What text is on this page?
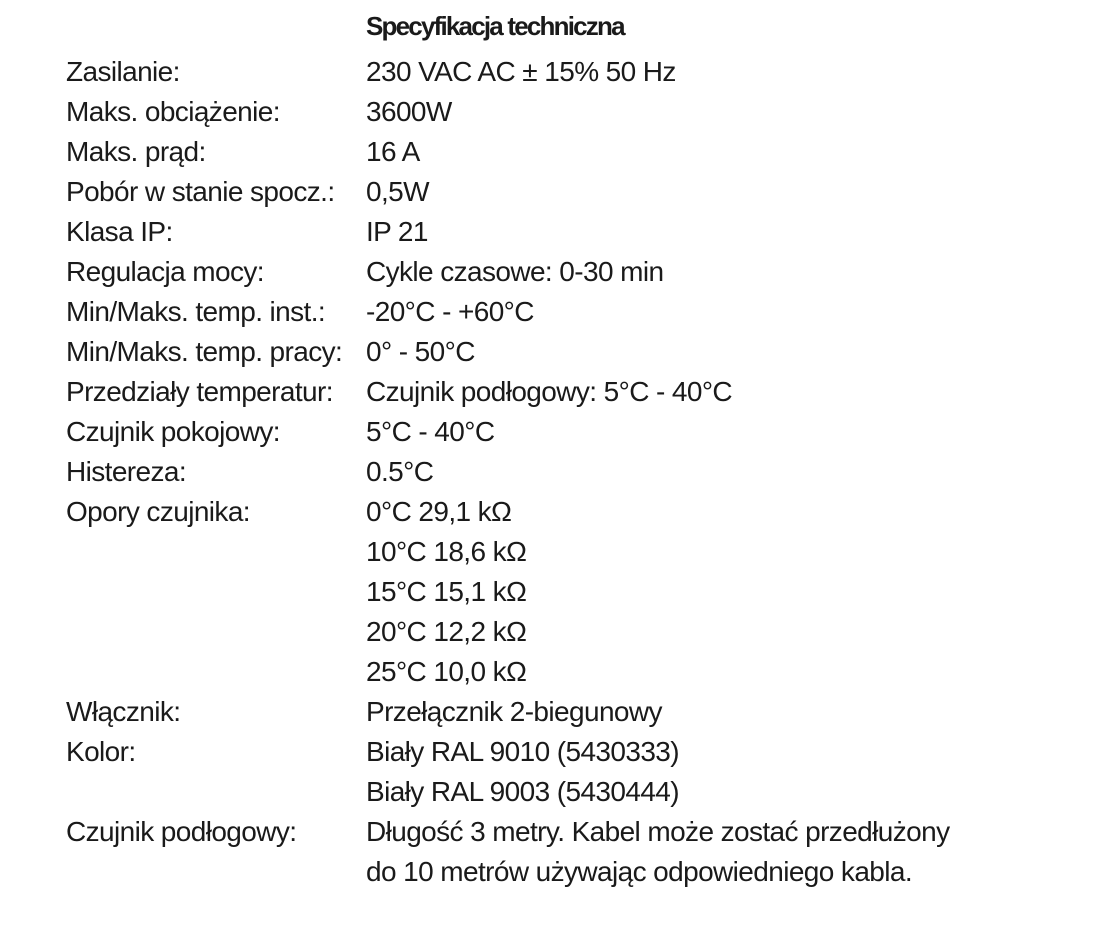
Specyfikacja techniczna
Zasilanie:	230 VAC AC ± 15% 50 Hz
Maks. obciążenie:	3600W
Maks. prąd:	16 A
Pobór w stanie spocz.:	0,5W
Klasa IP:	IP 21
Regulacja mocy:	Cykle czasowe: 0-30 min
Min/Maks. temp. inst.:	-20°C - +60°C
Min/Maks. temp. pracy: 0° - 50°C
Przedziały temperatur:	Czujnik podłogowy: 5°C - 40°C
Czujnik pokojowy:	5°C - 40°C
Histereza:	0.5°C
Opory czujnika:	0°C 29,1 kΩ
10°C 18,6 kΩ
15°C 15,1 kΩ
20°C 12,2 kΩ
25°C 10,0 kΩ
Włącznik:	Przełącznik 2-biegunowy
Kolor:	Biały RAL 9010 (5430333)
Biały RAL 9003 (5430444)
Czujnik podłogowy:	Długość 3 metry. Kabel może zostać przedłużony
do 10 metrów używając odpowiedniego kabla.
